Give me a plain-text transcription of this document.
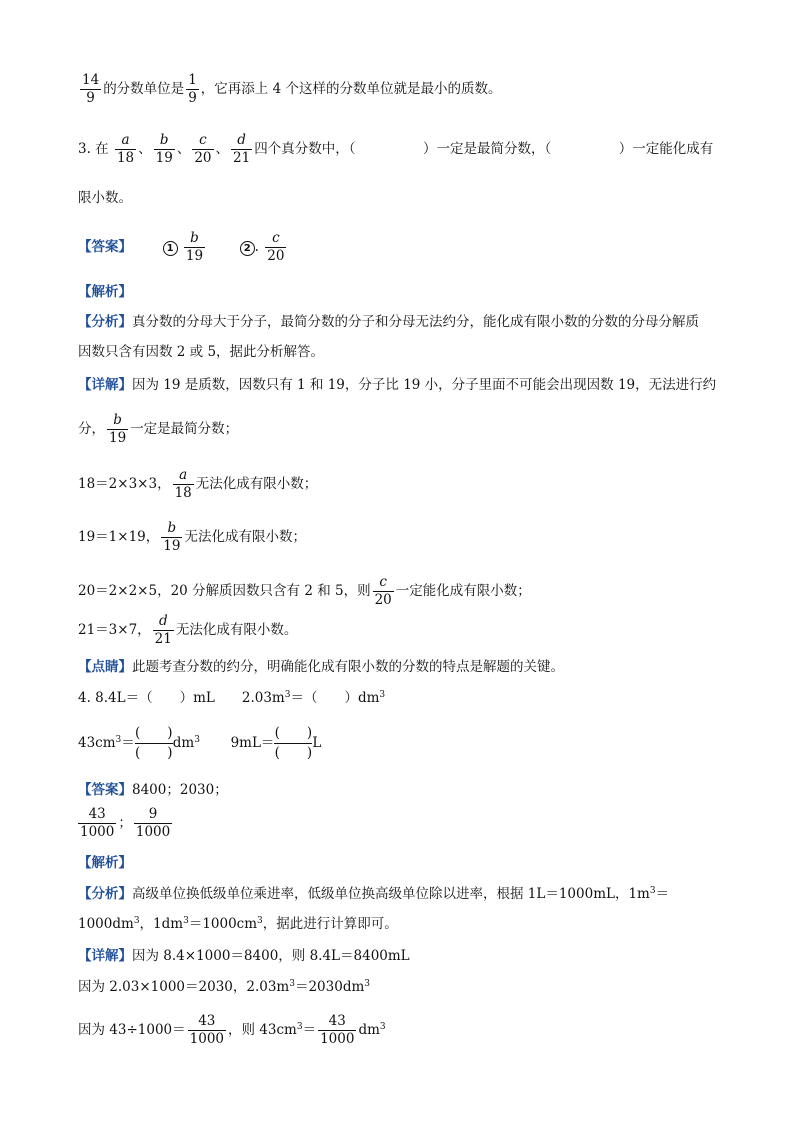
$\frac{14}{9}$ 的分数单位是 $\frac{1}{9}$ ，它再添上 4 个这样的分数单位就是最小的质数。
3. 在 $\frac{a}{18}$ 、 $\frac{b}{19}$ 、 $\frac{c}{20}$ 、 $\frac{d}{21}$ 四个真分数中，（　　　　　）一定是最简分数，（　　　　　）一定能化成有
限小数。
【答案】	$1 \frac{b}{19}$	2 . $\frac{c}{20}$
【解析】
【分析】真分数的分母大于分子，最简分数的分子和分母无法约分，能化成有限小数的分数的分母分解质
因数只含有因数 2 或 5，据此分析解答。
【详解】因为 19 是质数，因数只有 1 和 19，分子比 19 小，分子里面不可能会出现因数 19，无法进行约
分， $\frac{b}{19}$ 一定是最简分数；
18＝2×3×3， $\frac{a}{18}$ 无法化成有限小数；
19＝1×19， $\frac{b}{19}$ 无法化成有限小数；
20＝2×2×5，20 分解质因数只含有 2 和 5，则 $\frac{c}{20}$ 一定能化成有限小数；
21＝3×7， $\frac{d}{21}$ 无法化成有限小数。
【点睛】此题考查分数的约分，明确能化成有限小数的分数的特点是解题的关键。
4. 8.4L＝（　　）mL　　$2.03m^3=$（　　）$dm^3$
$43cm^3=$
(　　)
(　　)
$dm^3$ 9mL＝
(　　)
(　　)
L
【答案】8400；2030；
$\frac{43}{1000}$ ； $\frac{9}{1000}$
【解析】
【分析】高级单位换低级单位乘进率，低级单位换高级单位除以进率，根据 1L＝1000mL，$1m^3=$
$1000dm^3$，$1dm^3=1000cm^3$，据此进行计算即可。
【详解】因为 8.4×1000＝8400，则 8.4L＝8400mL
因为 2.03×1000＝2030，$2.03m^3=2030dm^3$
因为 $43\div 1000= \frac{43}{1000}$ ，则 $43cm^3= \frac{43}{1000} dm^3$
